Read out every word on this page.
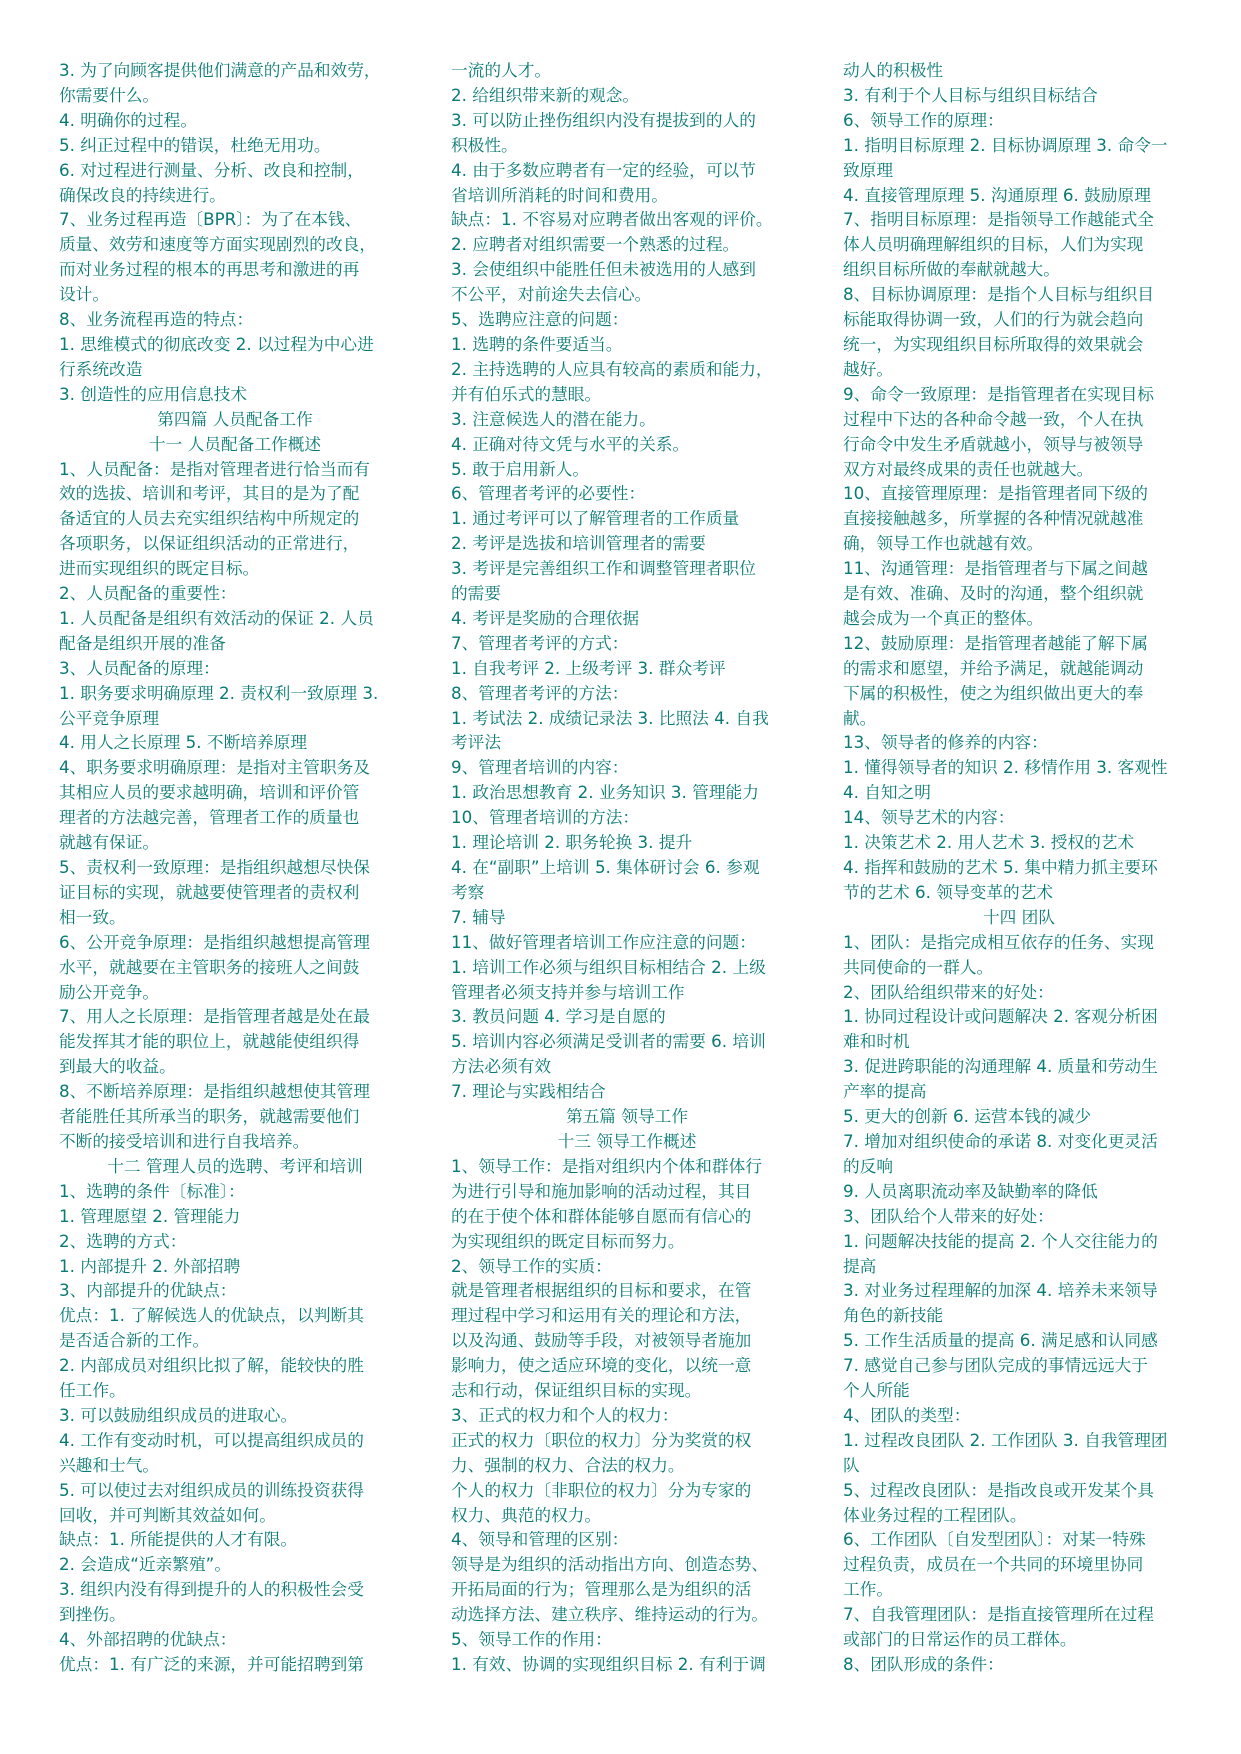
3. 为了向顾客提供他们满意的产品和效劳，
你需要什么。
4. 明确你的过程。
5. 纠正过程中的错误，杜绝无用功。
6. 对过程进行测量、分析、改良和控制，
确保改良的持续进行。
7、业务过程再造〔BPR〕：为了在本钱、
质量、效劳和速度等方面实现剧烈的改良，
而对业务过程的根本的再思考和激进的再
设计。
8、业务流程再造的特点：
1. 思维模式的彻底改变 2. 以过程为中心进
行系统改造
3. 创造性的应用信息技术
第四篇 人员配备工作
十一 人员配备工作概述
1、人员配备：是指对管理者进行恰当而有
效的选拔、培训和考评，其目的是为了配
备适宜的人员去充实组织结构中所规定的
各项职务，以保证组织活动的正常进行，
进而实现组织的既定目标。
2、人员配备的重要性：
1. 人员配备是组织有效活动的保证 2. 人员
配备是组织开展的准备
3、人员配备的原理：
1. 职务要求明确原理 2. 责权利一致原理 3.
公平竞争原理
4. 用人之长原理 5. 不断培养原理
4、职务要求明确原理：是指对主管职务及
其相应人员的要求越明确，培训和评价管
理者的方法越完善，管理者工作的质量也
就越有保证。
5、责权利一致原理：是指组织越想尽快保
证目标的实现，就越要使管理者的责权利
相一致。
6、公开竞争原理：是指组织越想提高管理
水平，就越要在主管职务的接班人之间鼓
励公开竞争。
7、用人之长原理：是指管理者越是处在最
能发挥其才能的职位上，就越能使组织得
到最大的收益。
8、不断培养原理：是指组织越想使其管理
者能胜任其所承当的职务，就越需要他们
不断的接受培训和进行自我培养。
十二 管理人员的选聘、考评和培训
1、选聘的条件〔标准〕：
1. 管理愿望 2. 管理能力
2、选聘的方式：
1. 内部提升 2. 外部招聘
3、内部提升的优缺点：
优点：1. 了解候选人的优缺点，以判断其
是否适合新的工作。
2. 内部成员对组织比拟了解，能较快的胜
任工作。
3. 可以鼓励组织成员的进取心。
4. 工作有变动时机，可以提高组织成员的
兴趣和士气。
5. 可以使过去对组织成员的训练投资获得
回收，并可判断其效益如何。
缺点：1. 所能提供的人才有限。
2. 会造成“近亲繁殖”。
3. 组织内没有得到提升的人的积极性会受
到挫伤。
4、外部招聘的优缺点：
优点：1. 有广泛的来源，并可能招聘到第
一流的人才。
2. 给组织带来新的观念。
3. 可以防止挫伤组织内没有提拔到的人的
积极性。
4. 由于多数应聘者有一定的经验，可以节
省培训所消耗的时间和费用。
缺点：1. 不容易对应聘者做出客观的评价。
2. 应聘者对组织需要一个熟悉的过程。
3. 会使组织中能胜任但未被选用的人感到
不公平，对前途失去信心。
5、选聘应注意的问题：
1. 选聘的条件要适当。
2. 主持选聘的人应具有较高的素质和能力，
并有伯乐式的慧眼。
3. 注意候选人的潜在能力。
4. 正确对待文凭与水平的关系。
5. 敢于启用新人。
6、管理者考评的必要性：
1. 通过考评可以了解管理者的工作质量
2. 考评是选拔和培训管理者的需要
3. 考评是完善组织工作和调整管理者职位
的需要
4. 考评是奖励的合理依据
7、管理者考评的方式：
1. 自我考评 2. 上级考评 3. 群众考评
8、管理者考评的方法：
1. 考试法 2. 成绩记录法 3. 比照法 4. 自我
考评法
9、管理者培训的内容：
1. 政治思想教育 2. 业务知识 3. 管理能力
10、管理者培训的方法：
1. 理论培训 2. 职务轮换 3. 提升
4. 在“副职”上培训 5. 集体研讨会 6. 参观
考察
7. 辅导
11、做好管理者培训工作应注意的问题：
1. 培训工作必须与组织目标相结合 2. 上级
管理者必须支持并参与培训工作
3. 教员问题 4. 学习是自愿的
5. 培训内容必须满足受训者的需要 6. 培训
方法必须有效
7. 理论与实践相结合
第五篇 领导工作
十三 领导工作概述
1、领导工作：是指对组织内个体和群体行
为进行引导和施加影响的活动过程，其目
的在于使个体和群体能够自愿而有信心的
为实现组织的既定目标而努力。
2、领导工作的实质：
就是管理者根据组织的目标和要求，在管
理过程中学习和运用有关的理论和方法，
以及沟通、鼓励等手段，对被领导者施加
影响力，使之适应环境的变化，以统一意
志和行动，保证组织目标的实现。
3、正式的权力和个人的权力：
正式的权力〔职位的权力〕分为奖赏的权
力、强制的权力、合法的权力。
个人的权力〔非职位的权力〕分为专家的
权力、典范的权力。
4、领导和管理的区别：
领导是为组织的活动指出方向、创造态势、
开拓局面的行为；管理那么是为组织的活
动选择方法、建立秩序、维持运动的行为。
5、领导工作的作用：
1. 有效、协调的实现组织目标 2. 有利于调
动人的积极性
3. 有利于个人目标与组织目标结合
6、领导工作的原理：
1. 指明目标原理 2. 目标协调原理 3. 命令一
致原理
4. 直接管理原理 5. 沟通原理 6. 鼓励原理
7、指明目标原理：是指领导工作越能式全
体人员明确理解组织的目标，人们为实现
组织目标所做的奉献就越大。
8、目标协调原理：是指个人目标与组织目
标能取得协调一致，人们的行为就会趋向
统一，为实现组织目标所取得的效果就会
越好。
9、命令一致原理：是指管理者在实现目标
过程中下达的各种命令越一致，个人在执
行命令中发生矛盾就越小，领导与被领导
双方对最终成果的责任也就越大。
10、直接管理原理：是指管理者同下级的
直接接触越多，所掌握的各种情况就越准
确，领导工作也就越有效。
11、沟通管理：是指管理者与下属之间越
是有效、准确、及时的沟通，整个组织就
越会成为一个真正的整体。
12、鼓励原理：是指管理者越能了解下属
的需求和愿望，并给予满足，就越能调动
下属的积极性，使之为组织做出更大的奉
献。
13、领导者的修养的内容：
1. 懂得领导者的知识 2. 移情作用 3. 客观性
4. 自知之明
14、领导艺术的内容：
1. 决策艺术 2. 用人艺术 3. 授权的艺术
4. 指挥和鼓励的艺术 5. 集中精力抓主要环
节的艺术 6. 领导变革的艺术
十四 团队
1、团队：是指完成相互依存的任务、实现
共同使命的一群人。
2、团队给组织带来的好处：
1. 协同过程设计或问题解决 2. 客观分析困
难和时机
3. 促进跨职能的沟通理解 4. 质量和劳动生
产率的提高
5. 更大的创新 6. 运营本钱的减少
7. 增加对组织使命的承诺 8. 对变化更灵活
的反响
9. 人员离职流动率及缺勤率的降低
3、团队给个人带来的好处：
1. 问题解决技能的提高 2. 个人交往能力的
提高
3. 对业务过程理解的加深 4. 培养未来领导
角色的新技能
5. 工作生活质量的提高 6. 满足感和认同感
7. 感觉自己参与团队完成的事情远远大于
个人所能
4、团队的类型：
1. 过程改良团队 2. 工作团队 3. 自我管理团
队
5、过程改良团队：是指改良或开发某个具
体业务过程的工程团队。
6、工作团队〔自发型团队〕：对某一特殊
过程负责，成员在一个共同的环境里协同
工作。
7、自我管理团队：是指直接管理所在过程
或部门的日常运作的员工群体。
8、团队形成的条件：
